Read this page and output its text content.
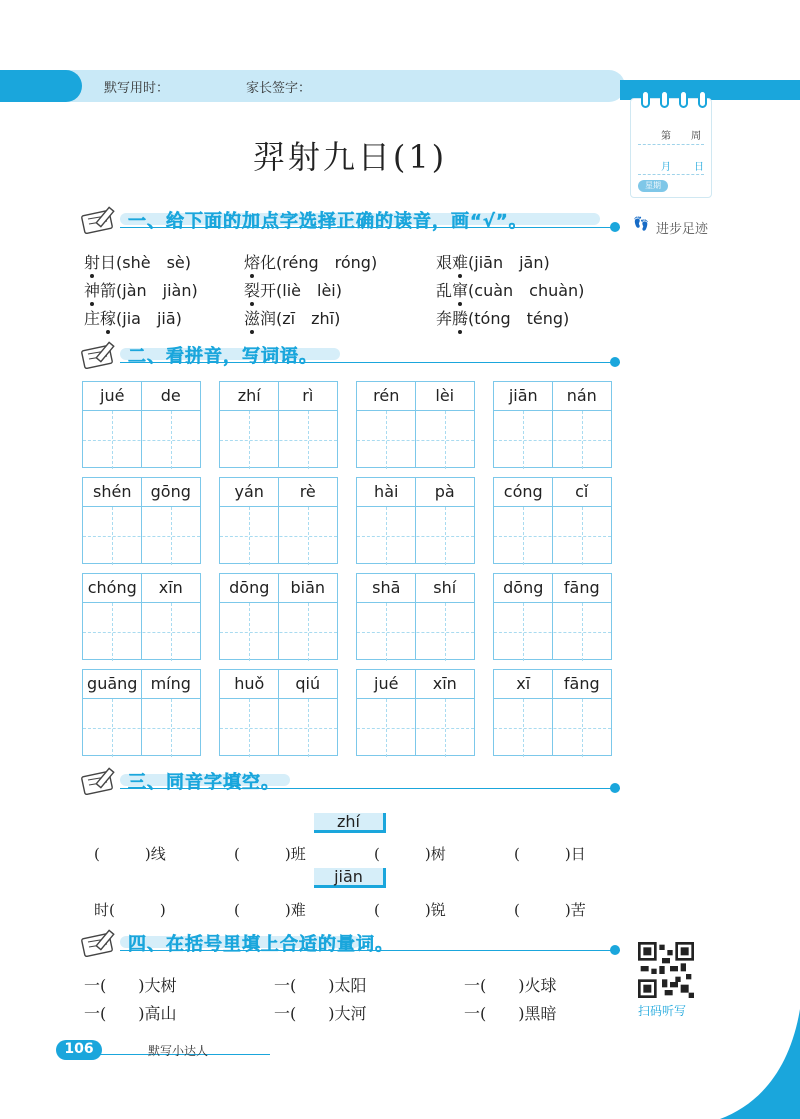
默写用时：	家长签字：
第 周
月 日
星期
👣 进步足迹
羿射九日(1)
一、给下面的加点字选择正确的读音，画“√”。
射日(shè　sè)	熔化(réng　róng)	艰难(jiān　jān)
神箭(jàn　jiàn)	裂开(liè　lèi)	乱窜(cuàn　chuàn)
庄稼(jia　jiā)	滋润(zī　zhī)	奔腾(tóng　téng)
二、看拼音，写词语。
jué	de	zhí	rì	rén	lèi	jiān	nán
shén	gōng	yán	rè	hài	pà	cóng	cǐ
chóng	xīn	dōng	biān	shā	shí	dōng	fāng
guāng míng	huǒ	qiú	jué	xīn	xī	fāng
三、同音字填空。
zhí
(　　　)线	(　　　)班	(　　　)树	(　　　)日
jiān
时(　　　)	(　　　)难	(　　　)锐	(　　　)苦
四、在括号里填上合适的量词。
一(　　)大树	一(　　)太阳	一(　　)火球
一(　　)高山	一(　　)大河	一(　　)黑暗	扫码听写
106	默写小达人
